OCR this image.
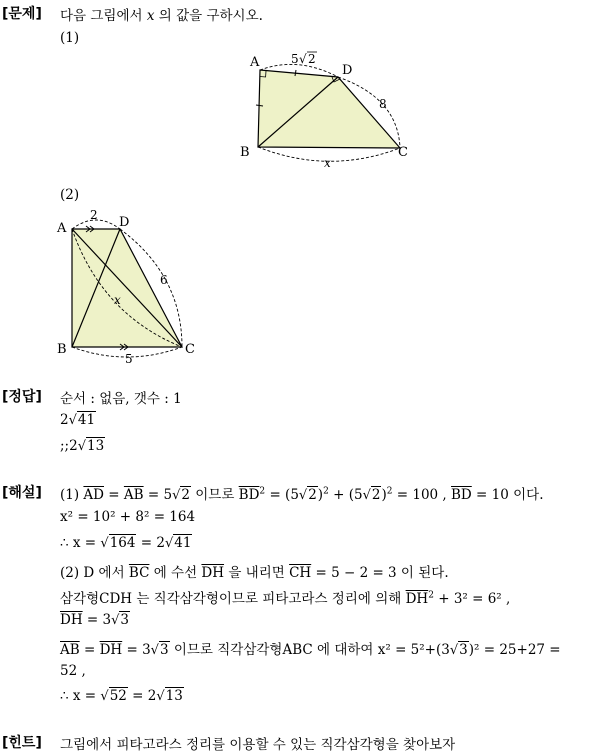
[문제] 다음 그림에서 x 의 값을 구하시오.
(1)
A
D
B	C
5 √ 2
8
x
(2)
A	D
B	C
2
6
x
5
[정답] 순서 : 없음, 갯수 : 1
2√41
;;2√13
[해설] (1) $\overline{AD} = \overline{AB} = 5√2$ 이므로 $\overline{BD}^2 = (5√2)^2 + (5√2)^2 = 100$ , $\overline{BD} = 10$ 이다.
x² = 10² + 8² = 164
∴ x = √164 = 2√41
(2) D 에서 $\overline{BC}$ 에 수선 $\overline{DH}$ 을 내리면 $\overline{CH} = 5 - 2 = 3$ 이 된다.
삼각형CDH 는 직각삼각형이므로 피타고라스 정리에 의해 $\overline{DH}^2 + 3^2 = 6^2$ ,
$\overline{DH} = 3√3$
$\overline{AB} = \overline{DH} = 3√3$ 이므로 직각삼각형ABC 에 대하여 x² = 5²+(3√3)² = 25+27 =
52 ,
∴ x = √52 = 2√13
[힌트] 그림에서 피타고라스 정리를 이용할 수 있는 직각삼각형을 찾아보자
